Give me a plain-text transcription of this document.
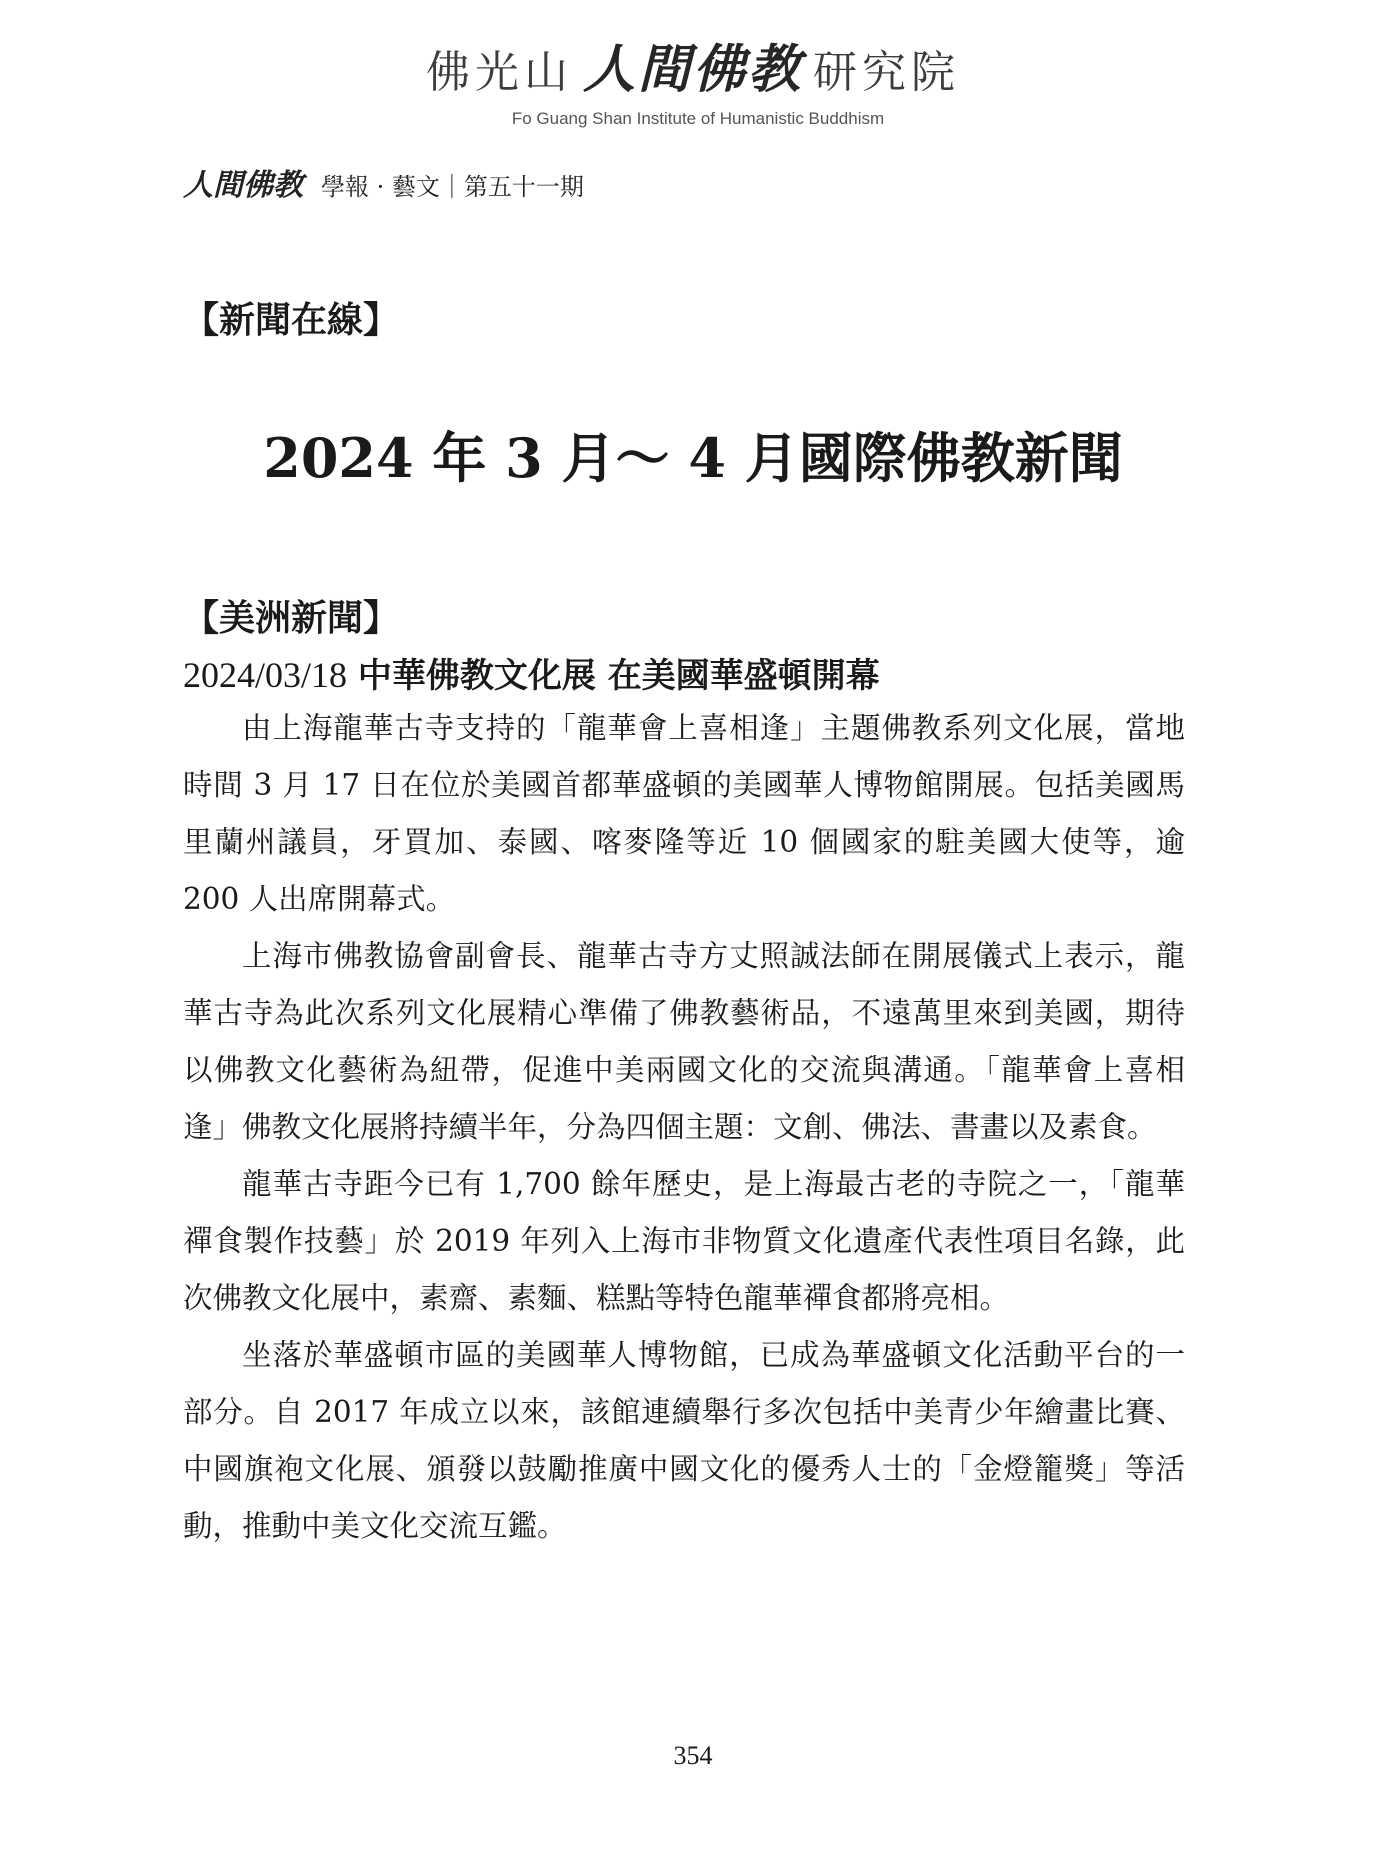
佛光山 人間佛教 研究院
Fo Guang Shan Institute of Humanistic Buddhism
人間佛教 學報 · 藝文｜第五十一期
【新聞在線】
2024 年 3 月～ 4 月國際佛教新聞
【美洲新聞】
2024/03/18 中華佛教文化展 在美國華盛頓開幕

由上海龍華古寺支持的「龍華會上喜相逢」主題佛教系列文化展，當地時間 3 月 17 日在位於美國首都華盛頓的美國華人博物館開展。包括美國馬里蘭州議員，牙買加、泰國、喀麥隆等近 10 個國家的駐美國大使等，逾 200 人出席開幕式。

上海市佛教協會副會長、龍華古寺方丈照誠法師在開展儀式上表示，龍華古寺為此次系列文化展精心準備了佛教藝術品，不遠萬里來到美國，期待以佛教文化藝術為紐帶，促進中美兩國文化的交流與溝通。「龍華會上喜相逢」佛教文化展將持續半年，分為四個主題：文創、佛法、書畫以及素食。

龍華古寺距今已有 1,700 餘年歷史，是上海最古老的寺院之一，「龍華禪食製作技藝」於 2019 年列入上海市非物質文化遺產代表性項目名錄，此次佛教文化展中，素齋、素麵、糕點等特色龍華禪食都將亮相。

坐落於華盛頓市區的美國華人博物館，已成為華盛頓文化活動平台的一部分。自 2017 年成立以來，該館連續舉行多次包括中美青少年繪畫比賽、中國旗袍文化展、頒發以鼓勵推廣中國文化的優秀人士的「金燈籠獎」等活動，推動中美文化交流互鑑。

354
